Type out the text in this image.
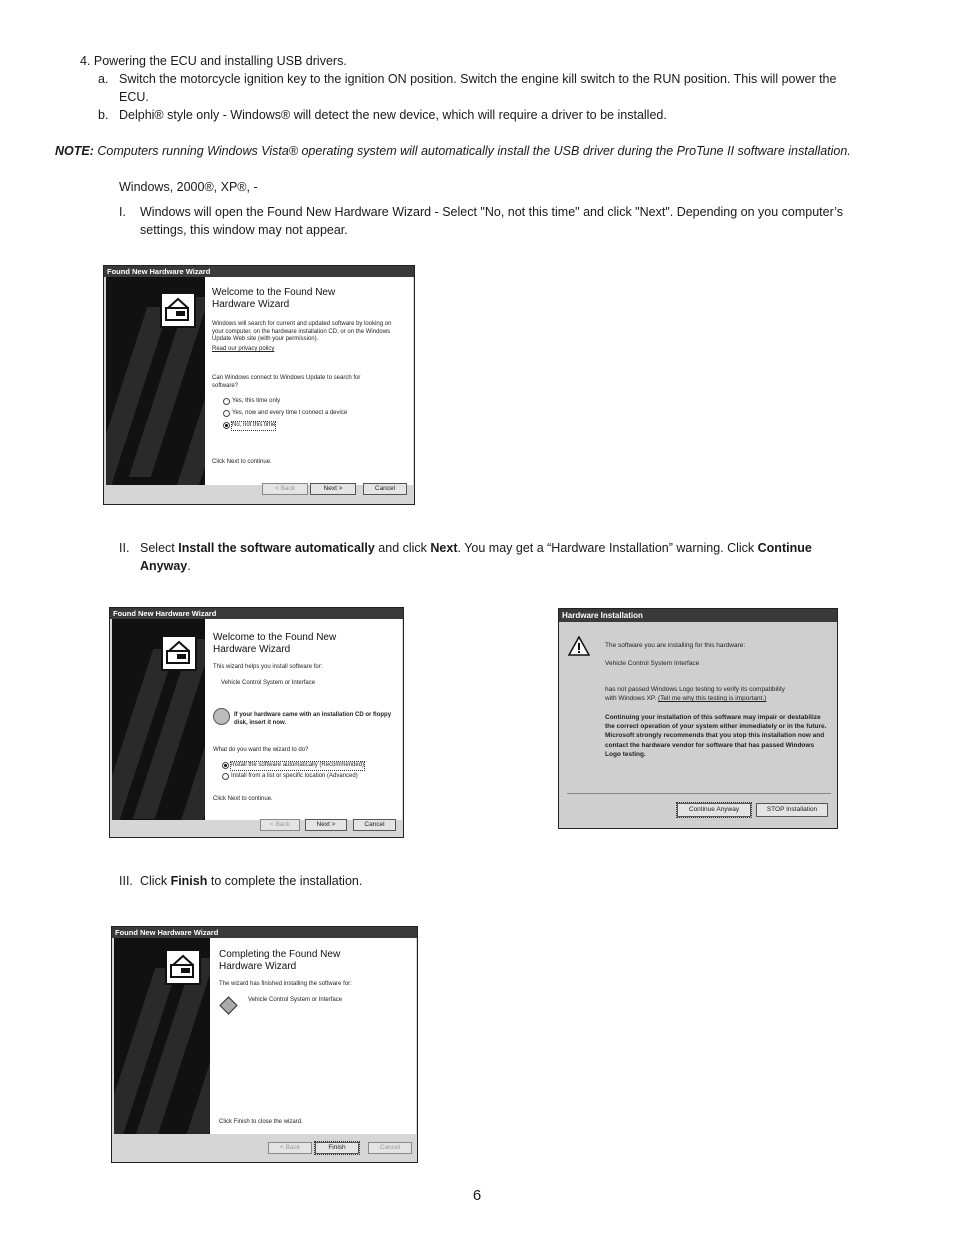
4. Powering the ECU and installing USB drivers.
a. Switch the motorcycle ignition key to the ignition ON position. Switch the engine kill switch to the RUN position. This will power the
ECU.
b. Delphi® style only - Windows® will detect the new device, which will require a driver to be installed.
NOTE: Computers running Windows Vista® operating system will automatically install the USB driver during the ProTune II software installation.
Windows, 2000®, XP®, -
I. Windows will open the Found New Hardware Wizard - Select "No, not this time" and click "Next". Depending on you computer’s
settings, this window may not appear.
Found New Hardware Wizard
Welcome to the Found New
Hardware Wizard
Windows will search for current and updated software by looking on your computer, on the hardware installation CD, or on the Windows Update Web site (with your permission).
Read our privacy policy
Can Windows connect to Windows Update to search for software?
Yes, this time only
Yes, now and every time I connect a device
No, not this time
Click Next to continue.
< Back	Next >	Cancel
II. Select Install the software automatically and click Next. You may get a “Hardware Installation” warning. Click Continue
Anyway.
Found New Hardware Wizard
Welcome to the Found New
Hardware Wizard
This wizard helps you install software for:
Vehicle Control System or Interface
If your hardware came with an installation CD or floppy disk, insert it now.
What do you want the wizard to do?
Install the software automatically (Recommended)
Install from a list or specific location (Advanced)
Click Next to continue.
< Back	Next >	Cancel
Hardware Installation
The software you are installing for this hardware:
Vehicle Control System Interface
has not passed Windows Logo testing to verify its compatibility
with Windows XP. (Tell me why this testing is important.)
Continuing your installation of this software may impair or destabilize the correct operation of your system either immediately or in the future. Microsoft strongly recommends that you stop this installation now and contact the hardware vendor for software that has passed Windows Logo testing.
Continue Anyway	STOP Installation
III. Click Finish to complete the installation.
Found New Hardware Wizard
Completing the Found New
Hardware Wizard
The wizard has finished installing the software for:
Vehicle Control System or Interface
Click Finish to close the wizard.
< Back	Finish	Cancel
6
